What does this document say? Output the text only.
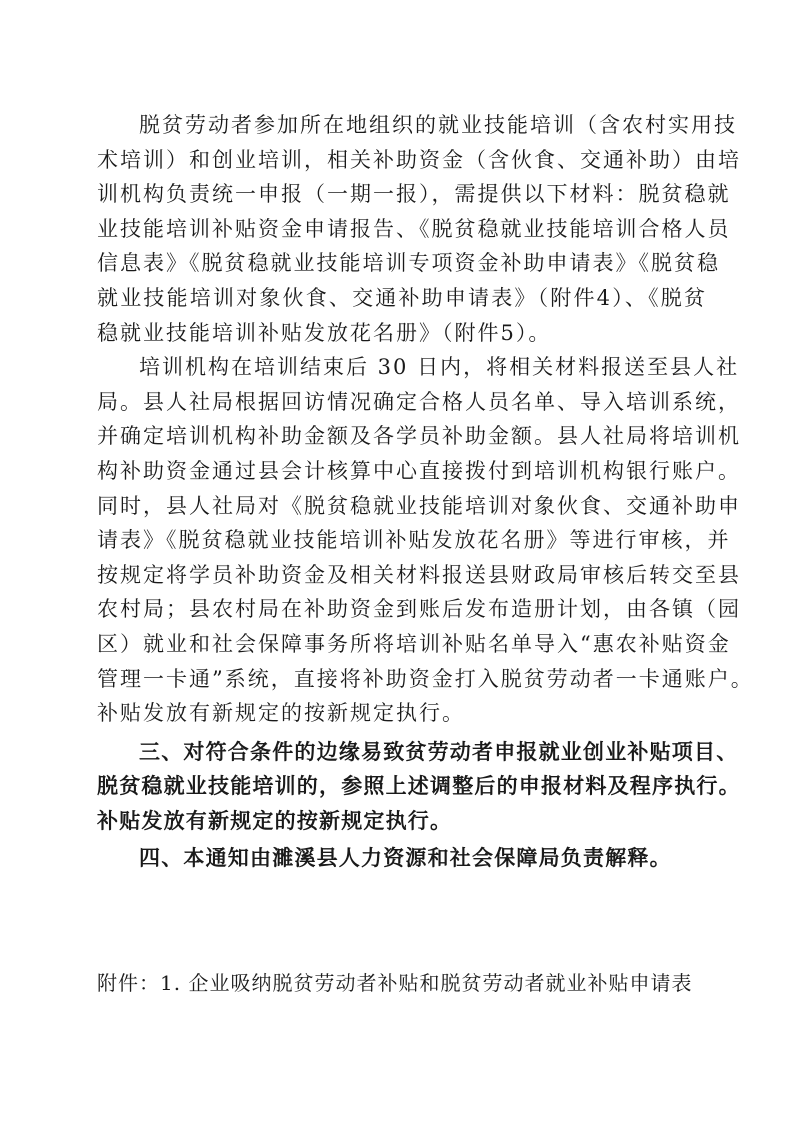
脱贫劳动者参加所在地组织的就业技能培训（含农村实用技
术培训）和创业培训，相关补助资金（含伙食、交通补助）由培
训机构负责统一申报（一期一报），需提供以下材料：脱贫稳就
业技能培训补贴资金申请报告、《脱贫稳就业技能培训合格人员
信息表》《脱贫稳就业技能培训专项资金补助申请表》《脱贫稳
就业技能培训对象伙食、交通补助申请表》（附件4）、《脱贫
稳就业技能培训补贴发放花名册》（附件5）。
培训机构在培训结束后 30 日内，将相关材料报送至县人社
局。县人社局根据回访情况确定合格人员名单、导入培训系统，
并确定培训机构补助金额及各学员补助金额。县人社局将培训机
构补助资金通过县会计核算中心直接拨付到培训机构银行账户。
同时，县人社局对《脱贫稳就业技能培训对象伙食、交通补助申
请表》《脱贫稳就业技能培训补贴发放花名册》等进行审核，并
按规定将学员补助资金及相关材料报送县财政局审核后转交至县
农村局；县农村局在补助资金到账后发布造册计划，由各镇（园
区）就业和社会保障事务所将培训补贴名单导入“惠农补贴资金
管理一卡通”系统，直接将补助资金打入脱贫劳动者一卡通账户。
补贴发放有新规定的按新规定执行。
三、对符合条件的边缘易致贫劳动者申报就业创业补贴项目、
脱贫稳就业技能培训的，参照上述调整后的申报材料及程序执行。
补贴发放有新规定的按新规定执行。
四、本通知由濉溪县人力资源和社会保障局负责解释。
附件：1. 企业吸纳脱贫劳动者补贴和脱贫劳动者就业补贴申请表
